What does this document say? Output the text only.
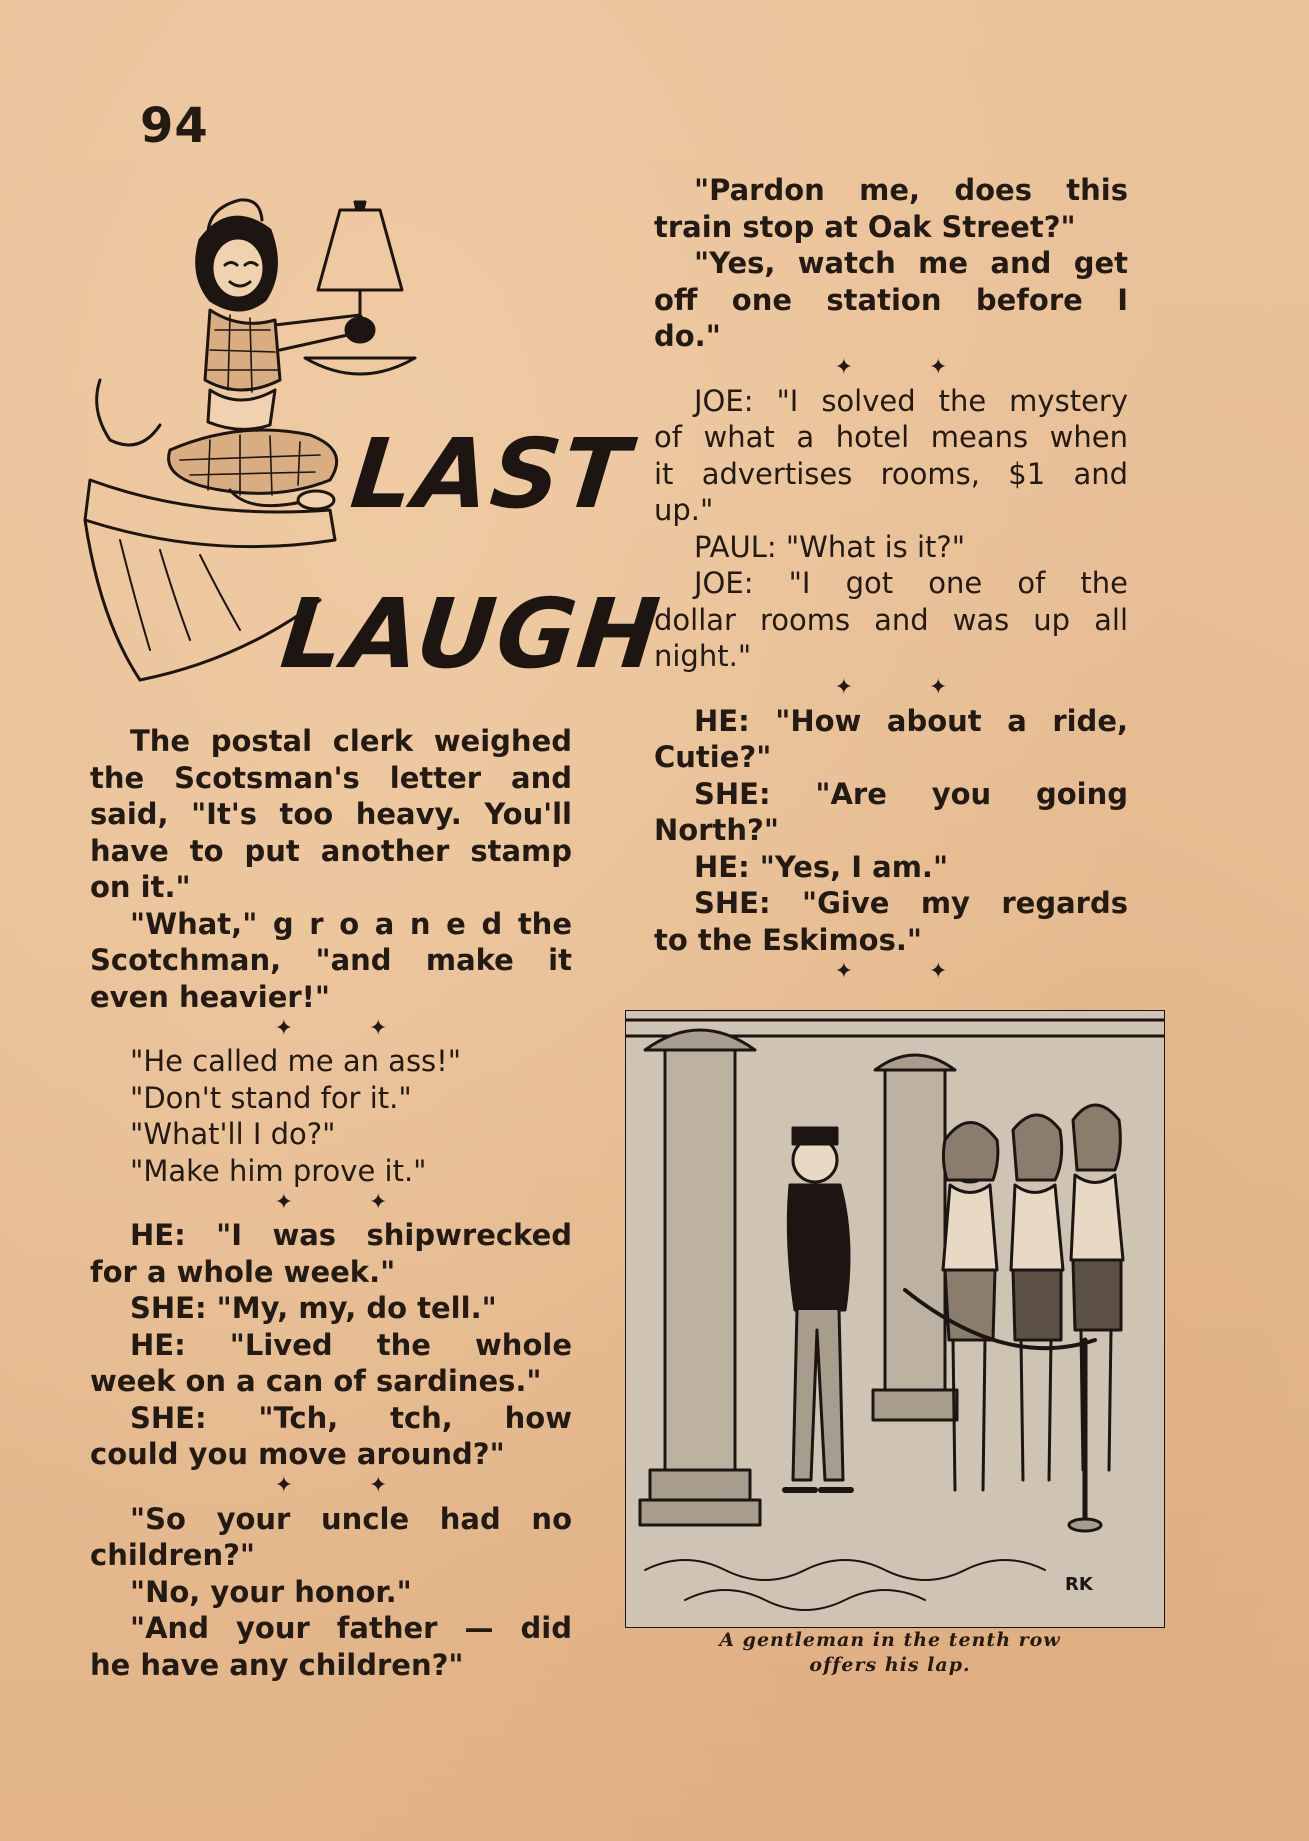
94
LAST
LAUGH

The postal clerk weighed

the Scotsman's letter and

said, "It's too heavy. You'll

have to put another stamp

on it."

"What," g r o a n e d the

Scotchman, "and make it

even heavier!"

✦	✦

"He called me an ass!"

"Don't stand for it."

"What'll I do?"

"Make him prove it."

✦	✦

HE: "I was shipwrecked

for a whole week."

SHE: "My, my, do tell."

HE: "Lived the whole

week on a can of sardines."

SHE: "Tch, tch, how

could you move around?"

✦	✦

"So your uncle had no

children?"

"No, your honor."

"And your father — did

he have any children?"

"Pardon me, does this

train stop at Oak Street?"

"Yes, watch me and get

off one station before I

do."

✦	✦

JOE: "I solved the mystery

of what a hotel means when

it advertises rooms, $1 and

up."

PAUL: "What is it?"

JOE: "I got one of the

dollar rooms and was up all

night."

✦	✦

HE: "How about a ride,

Cutie?"

SHE: "Are you going

North?"

HE: "Yes, I am."

SHE: "Give my regards

to the Eskimos."

✦	✦
RK
A gentleman in the tenth row
offers his lap.
